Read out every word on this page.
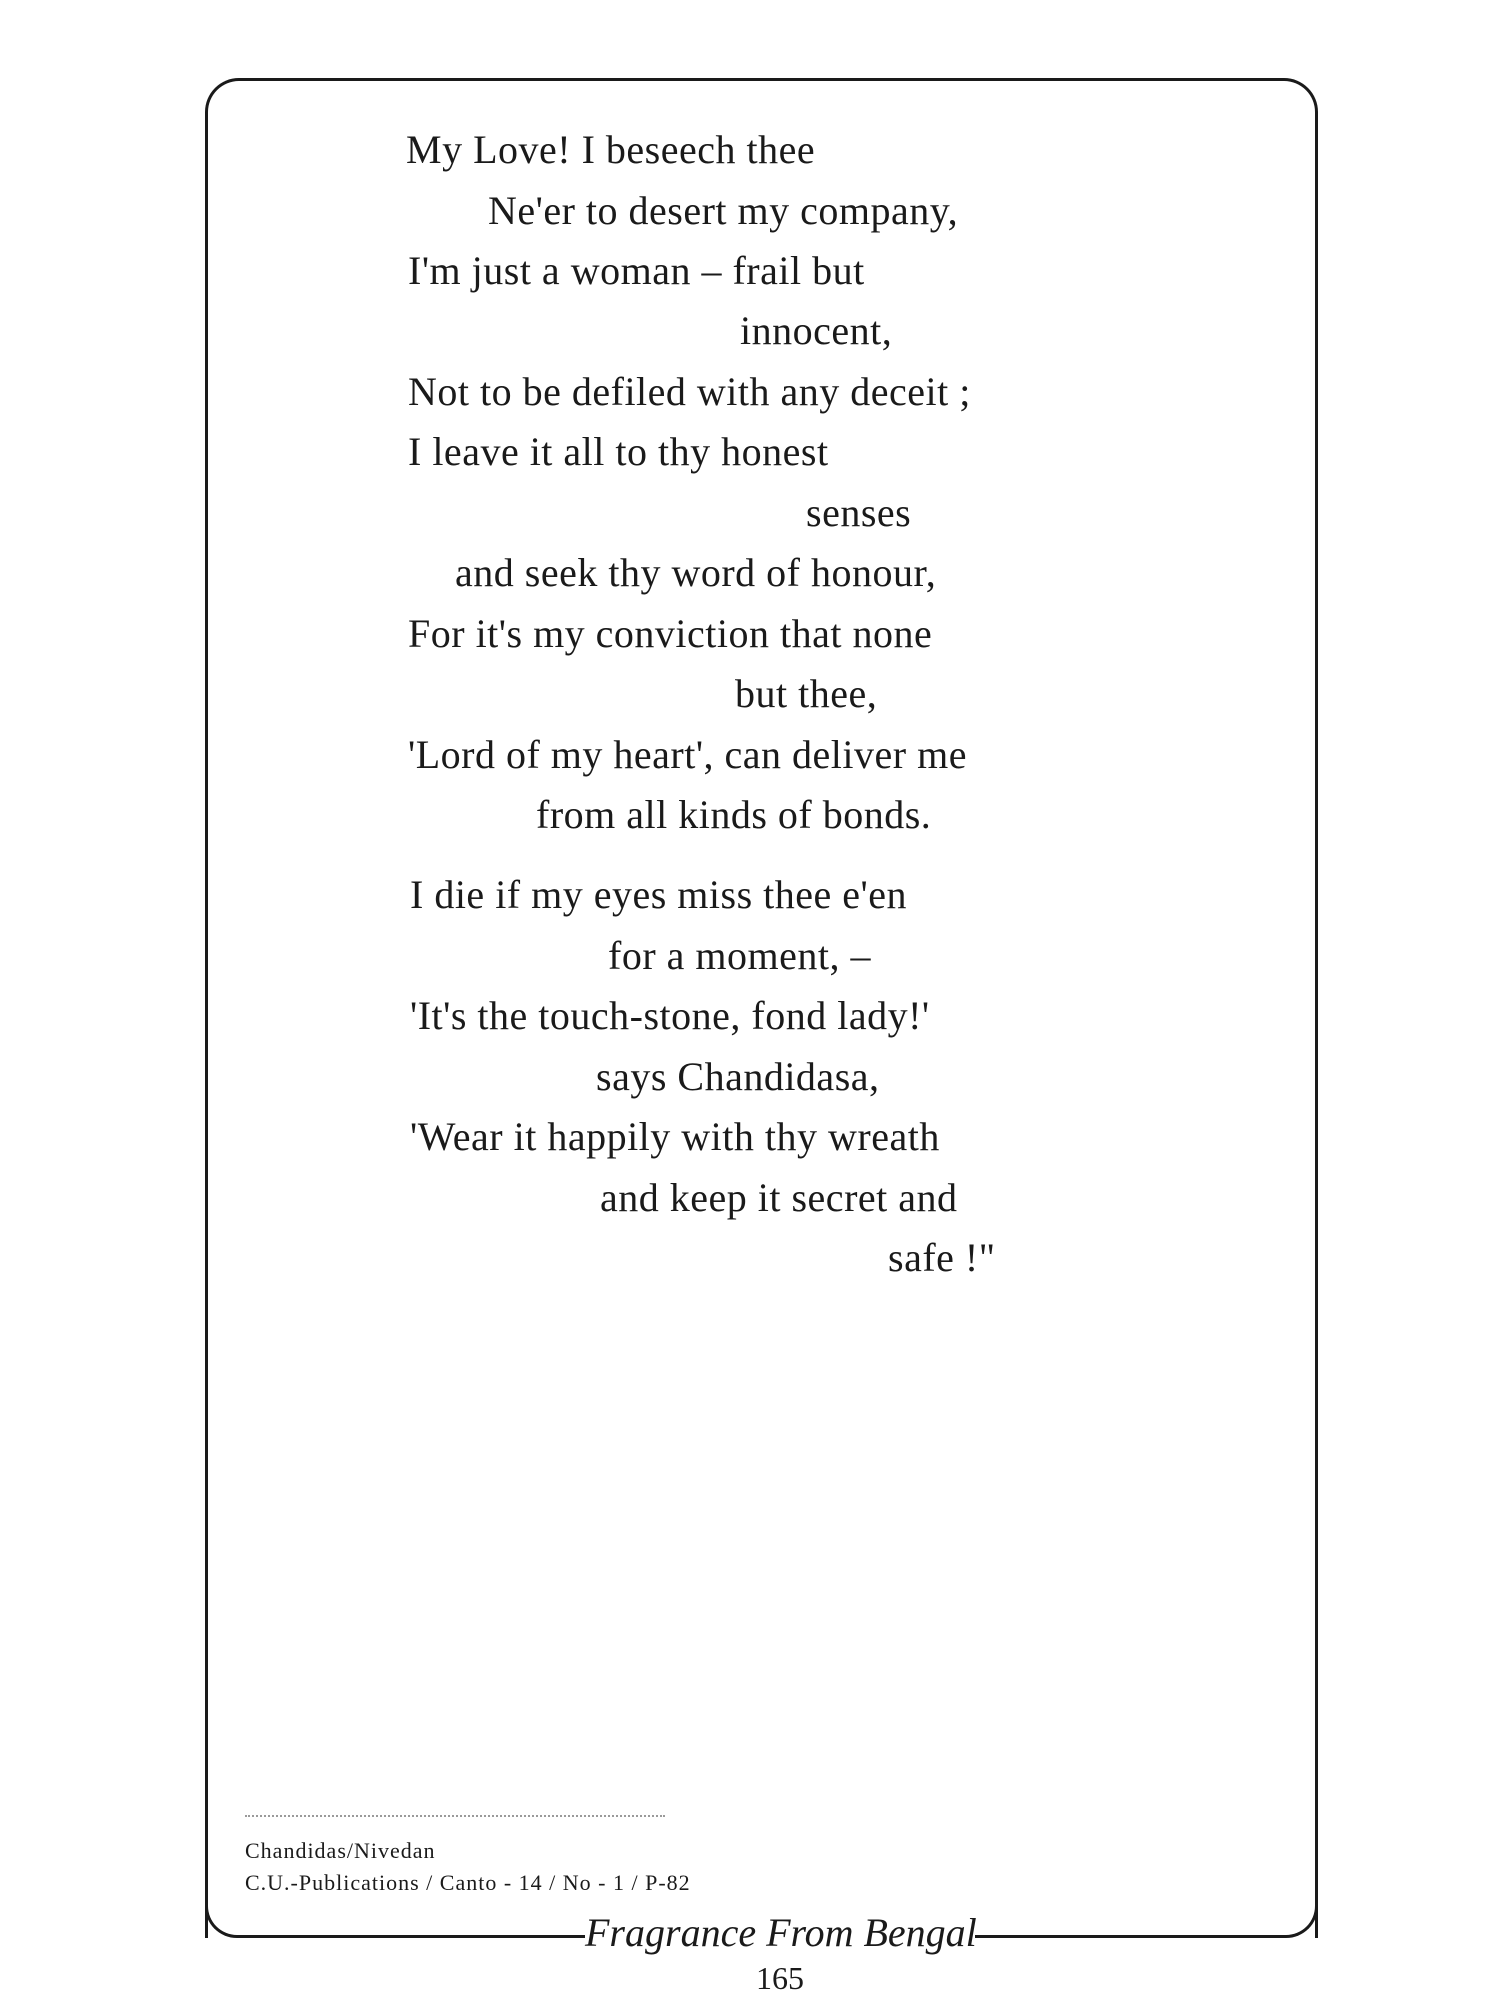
My Love! I beseech thee
Ne'er to desert my company,
I'm just a woman – frail but
innocent,
Not to be defiled with any deceit ;
I leave it all to thy honest
senses
and seek thy word of honour,
For it's my conviction that none
but thee,
'Lord of my heart', can deliver me
from all kinds of bonds.
I die if my eyes miss thee e'en
for a moment, –
'It's the touch-stone, fond lady!'
says Chandidasa,
'Wear it happily with thy wreath
and keep it secret and
safe !"
Chandidas/Nivedan
C.U.-Publications / Canto - 14 / No - 1 / P-82
Fragrance From Bengal
165
